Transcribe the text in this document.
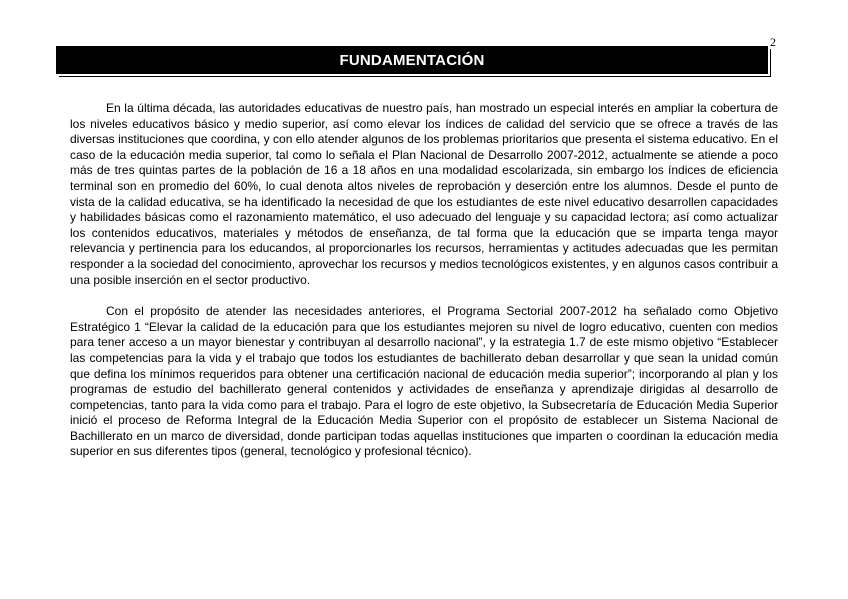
2
FUNDAMENTACIÓN

En la última década, las autoridades educativas de nuestro país, han mostrado un especial interés en ampliar la cobertura de los niveles educativos básico y medio superior, así como elevar los índices de calidad del servicio que se ofrece a través de las diversas instituciones que coordina, y con ello atender algunos de los problemas prioritarios que presenta el sistema educativo. En el caso de la educación media superior, tal como lo señala el Plan Nacional de Desarrollo 2007-2012, actualmente se atiende a poco más de tres quintas partes de la población de 16 a 18 años en una modalidad escolarizada, sin embargo los índices de eficiencia terminal son en promedio del 60%, lo cual denota altos niveles de reprobación y deserción entre los alumnos. Desde el punto de vista de la calidad educativa, se ha identificado la necesidad de que los estudiantes de este nivel educativo desarrollen capacidades y habilidades básicas como el razonamiento matemático, el uso adecuado del lenguaje y su capacidad lectora; así como actualizar los contenidos educativos, materiales y métodos de enseñanza, de tal forma que la educación que se imparta tenga mayor relevancia y pertinencia para los educandos, al proporcionarles los recursos, herramientas y actitudes adecuadas que les permitan responder a la sociedad del conocimiento, aprovechar los recursos y medios tecnológicos existentes, y en algunos casos contribuir a una posible inserción en el sector productivo.

Con el propósito de atender las necesidades anteriores, el Programa Sectorial 2007-2012 ha señalado como Objetivo Estratégico 1 “Elevar la calidad de la educación para que los estudiantes mejoren su nivel de logro educativo, cuenten con medios para tener acceso a un mayor bienestar y contribuyan al desarrollo nacional”, y la estrategia 1.7 de este mismo objetivo “Establecer las competencias para la vida y el trabajo que todos los estudiantes de bachillerato deban desarrollar y que sean la unidad común que defina los mínimos requeridos para obtener una certificación nacional de educación media superior”; incorporando al plan y los programas de estudio del bachillerato general contenidos y actividades de enseñanza y aprendizaje dirigidas al desarrollo de competencias, tanto para la vida como para el trabajo. Para el logro de este objetivo, la Subsecretaría de Educación Media Superior inició el proceso de Reforma Integral de la Educación Media Superior con el propósito de establecer un Sistema Nacional de Bachillerato en un marco de diversidad, donde participan todas aquellas instituciones que imparten o coordinan la educación media superior en sus diferentes tipos (general, tecnológico y profesional técnico).
